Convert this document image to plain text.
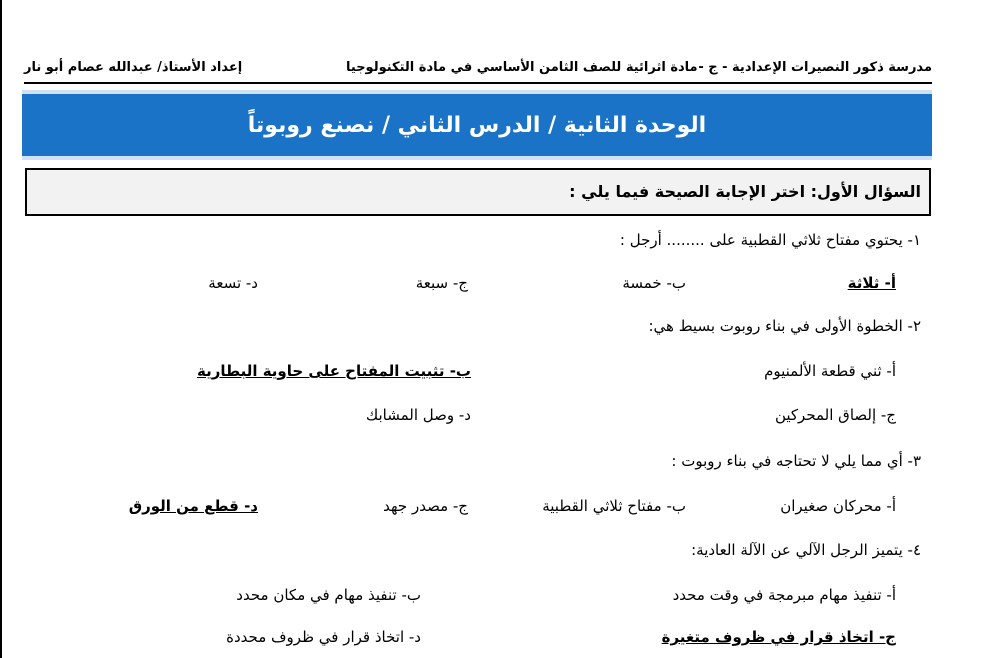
مدرسة ذكور النصيرات الإعدادية - ج -
مادة اثرائية للصف الثامن الأساسي في مادة التكنولوجيا
إعداد الأستاذ/ عبدالله عصام أبو نار
الوحدة الثانية / الدرس الثاني / نصنع روبوتاً
السؤال الأول: اختر الإجابة الصيحة فيما يلي :
١- يحتوي مفتاح ثلاثي القطبية على ........ أرجل :
أ- ثلاثة
ب- خمسة
ج- سبعة
د- تسعة
٢- الخطوة الأولى في بناء روبوت بسيط هي:
أ- ثني قطعة الألمنيوم
ب- تثبيت المفتاح على حاوية البطارية
ج- إلصاق المحركين
د- وصل المشابك
٣- أي مما يلي لا تحتاجه في بناء روبوت :
أ- محركان صغيران
ب- مفتاح ثلاثي القطبية
ج- مصدر جهد
د- قطع من الورق
٤- يتميز الرجل الآلي عن الآلة العادية:
أ- تنفيذ مهام مبرمجة في وقت محدد
ب- تنفيذ مهام في مكان محدد
ج- اتخاذ قرار في ظروف متغيرة
د- اتخاذ قرار في ظروف محددة
